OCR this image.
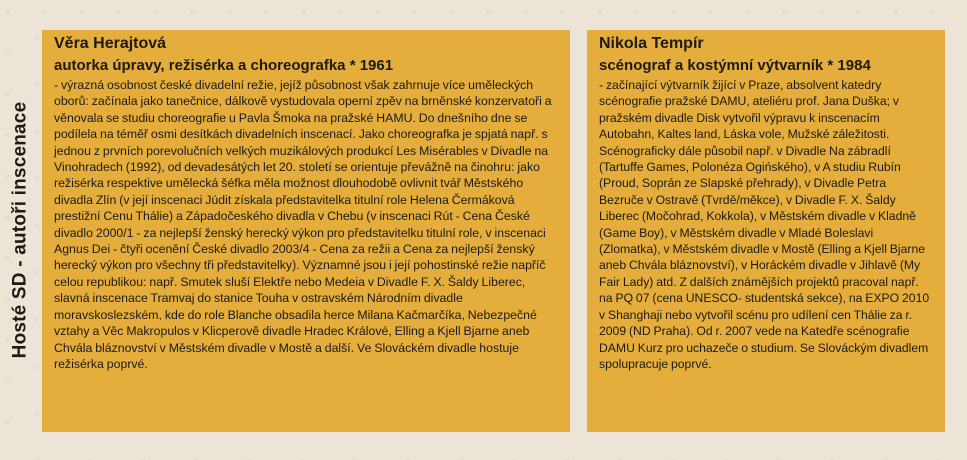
Hosté SD - autoři inscenace

Věra Herajtová

autorka úpravy, režisérka a choreografka * 1961

- výrazná osobnost české divadelní režie, jejíž působnost však zahrnuje více uměleckých oborů: začínala jako tanečnice, dálkově vystudovala operní zpěv na brněnské konzervatoři a věnovala se studiu choreografie u Pavla Šmoka na pražské HAMU. Do dnešního dne se podílela na téměř osmi desítkách divadelních inscenací. Jako choreografka je spjatá např. s jednou z prvních porevolučních velkých muzikálových produkcí Les Misérables v Divadle na Vinohradech (1992), od devadesátých let 20. století se orientuje převážně na činohru: jako režisérka respektive umělecká šéfka měla možnost dlouhodobě ovlivnit tvář Městského divadla Zlín (v její inscenaci Júdit získala představitelka titulní role Helena Čermáková prestižní Cenu Thálie) a Západočeského divadla v Chebu (v inscenaci Rút - Cena České divadlo 2000/1 - za nejlepší ženský herecký výkon pro představitelku titulní role, v inscenaci Agnus Dei - čtyři ocenění České divadlo 2003/4 - Cena za režii a Cena za nejlepší ženský herecký výkon pro všechny tři představitelky). Významné jsou i její pohostinské režie napříč celou republikou: např. Smutek sluší Elektře nebo Medeia v Divadle F. X. Šaldy Liberec, slavná inscenace Tramvaj do stanice Touha v ostravském Národním divadle moravskoslezském, kde do role Blanche obsadila herce Milana Kačmarčíka, Nebezpečné vztahy a Věc Makropulos v Klicperově divadle Hradec Králové, Elling a Kjell Bjarne aneb Chvála bláznovství v Městském divadle v Mostě a další. Ve Slováckém divadle hostuje režisérka poprvé.

Nikola Tempír

scénograf a kostýmní výtvarník * 1984

- začínající výtvarník žijící v Praze, absolvent katedry scénografie pražské DAMU, ateliéru prof. Jana Duška; v pražském divadle Disk vytvořil výpravu k inscenacím Autobahn, Kaltes land, Láska vole, Mužské záležitosti. Scénograficky dále působil např. v Divadle Na zábradlí (Tartuffe Games, Polonéza Ogińského), v A studiu Rubín (Proud, Soprán ze Slapské přehrady), v Divadle Petra Bezruče v Ostravě (Tvrdě/měkce), v Divadle F. X. Šaldy Liberec (Močohrad, Kokkola), v Městském divadle v Kladně (Game Boy), v Městském divadle v Mladé Boleslavi (Zlomatka), v Městském divadle v Mostě (Elling a Kjell Bjarne aneb Chvála bláznovství), v Horáckém divadle v Jihlavě (My Fair Lady) atd. Z dalších známějších projektů pracoval např. na PQ 07 (cena UNESCO- studentská sekce), na EXPO 2010 v Shanghaji nebo vytvořil scénu pro udílení cen Thálie za r. 2009 (ND Praha). Od r. 2007 vede na Katedře scénografie DAMU Kurz pro uchazeče o studium. Se Slováckým divadlem spolupracuje poprvé.
